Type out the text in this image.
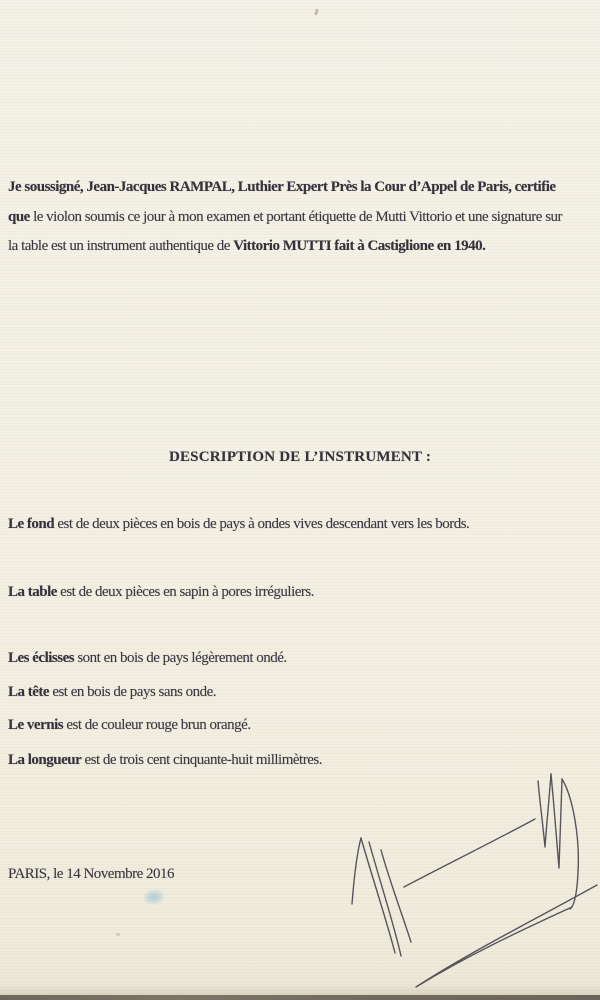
Je soussigné, Jean-Jacques RAMPAL, Luthier Expert Près la Cour d’Appel de Paris, certifie
que le violon soumis ce jour à mon examen et portant étiquette de Mutti Vittorio et une signature sur
la table est un instrument authentique de Vittorio MUTTI fait à Castiglione en 1940.
DESCRIPTION DE L’INSTRUMENT :
Le fond est de deux pièces en bois de pays à ondes vives descendant vers les bords.
La table est de deux pièces en sapin à pores irréguliers.
Les éclisses sont en bois de pays légèrement ondé.
La tête est en bois de pays sans onde.
Le vernis est de couleur rouge brun orangé.
La longueur est de trois cent cinquante-huit millimètres.
PARIS, le 14 Novembre 2016
